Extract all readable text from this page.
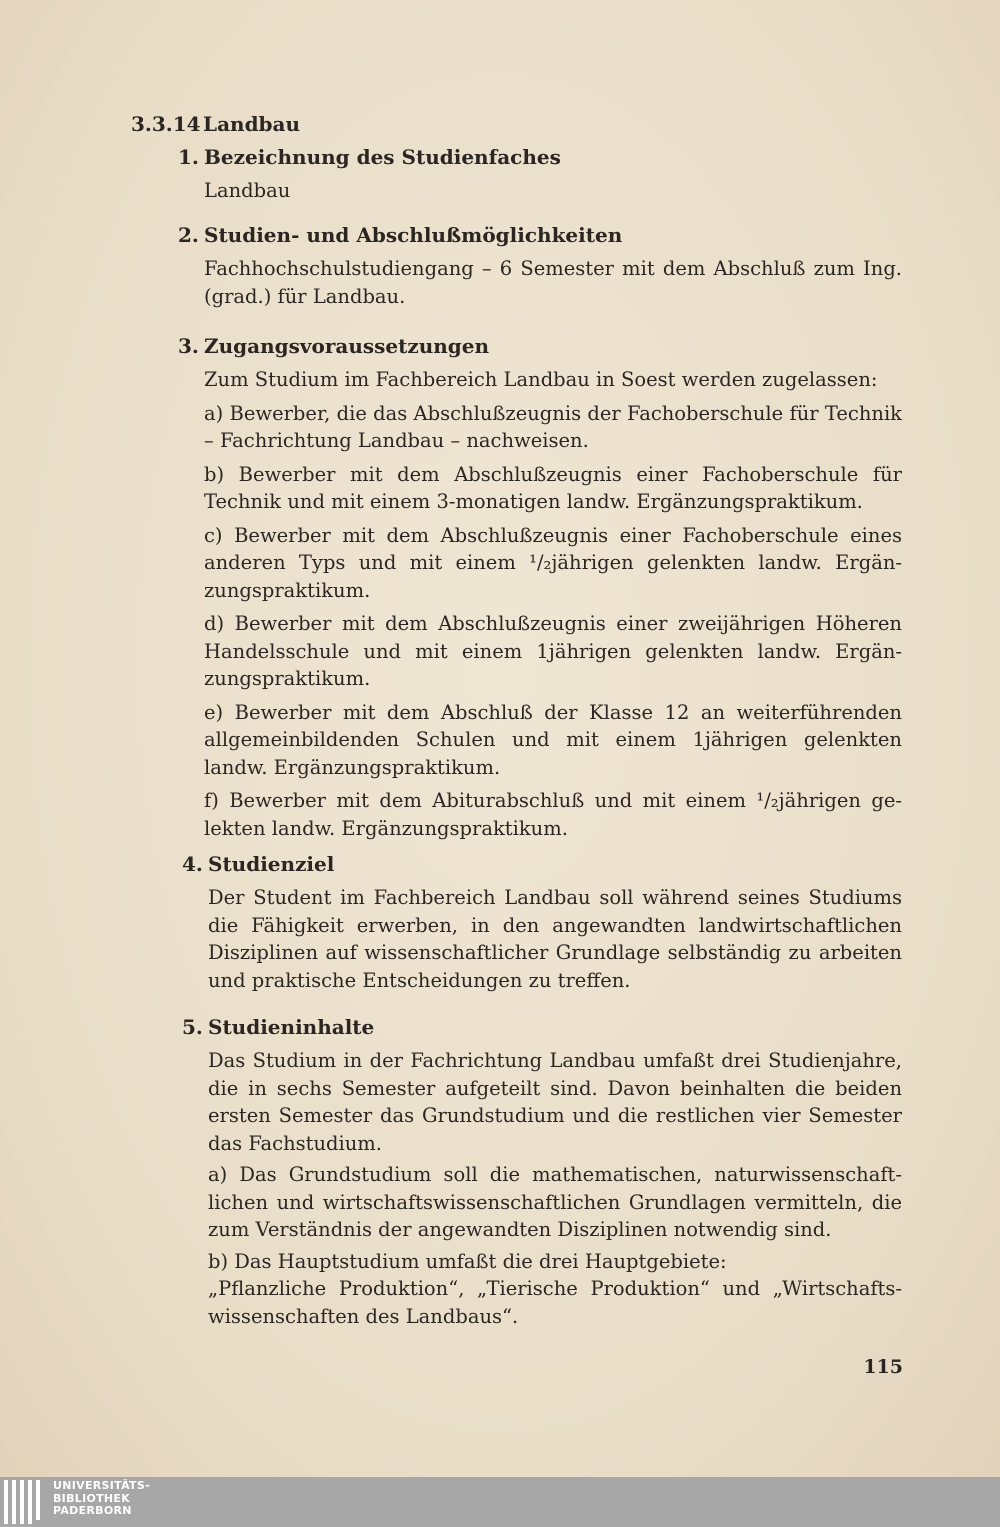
3.3.14 Landbau
1. Bezeichnung des Studienfaches

Landbau

2. Studien- und Abschlußmöglichkeiten

Fachhochschulstudiengang – 6 Semester mit dem Abschluß zum Ing. (grad.) für Landbau.

3. Zugangsvoraussetzungen

Zum Studium im Fachbereich Landbau in Soest werden zugelassen:

a) Bewerber, die das Abschlußzeugnis der Fachoberschule für Technik – Fachrichtung Landbau – nachweisen.

b) Bewerber mit dem Abschlußzeugnis einer Fachoberschule für Technik und mit einem 3-monatigen landw. Ergänzungspraktikum.

c) Bewerber mit dem Abschlußzeugnis einer Fachoberschule eines anderen Typs und mit einem ¹/₂jährigen gelenkten landw. Ergänzungspraktikum.

d) Bewerber mit dem Abschlußzeugnis einer zweijährigen Höheren Handelsschule und mit einem 1jährigen gelenkten landw. Ergänzungspraktikum.

e) Bewerber mit dem Abschluß der Klasse 12 an weiterführenden allgemeinbildenden Schulen und mit einem 1jährigen gelenkten landw. Ergänzungspraktikum.

f) Bewerber mit dem Abiturabschluß und mit einem ¹/₂jährigen gelekten landw. Ergänzungspraktikum.

4. Studienziel

Der Student im Fachbereich Landbau soll während seines Studiums die Fähigkeit erwerben, in den angewandten landwirtschaftlichen Disziplinen auf wissenschaftlicher Grundlage selbständig zu arbeiten und praktische Entscheidungen zu treffen.

5. Studieninhalte

Das Studium in der Fachrichtung Landbau umfaßt drei Studienjahre, die in sechs Semester aufgeteilt sind. Davon beinhalten die beiden ersten Semester das Grundstudium und die restlichen vier Semester das Fachstudium.

a) Das Grundstudium soll die mathematischen, naturwissenschaftlichen und wirtschaftswissenschaftlichen Grundlagen vermitteln, die zum Verständnis der angewandten Disziplinen notwendig sind.

b) Das Hauptstudium umfaßt die drei Hauptgebiete:

„Pflanzliche Produktion“, „Tierische Produktion“ und „Wirtschaftswissenschaften des Landbaus“.

115

UNIVERSITÄTS-
BIBLIOTHEK
PADERBORN
